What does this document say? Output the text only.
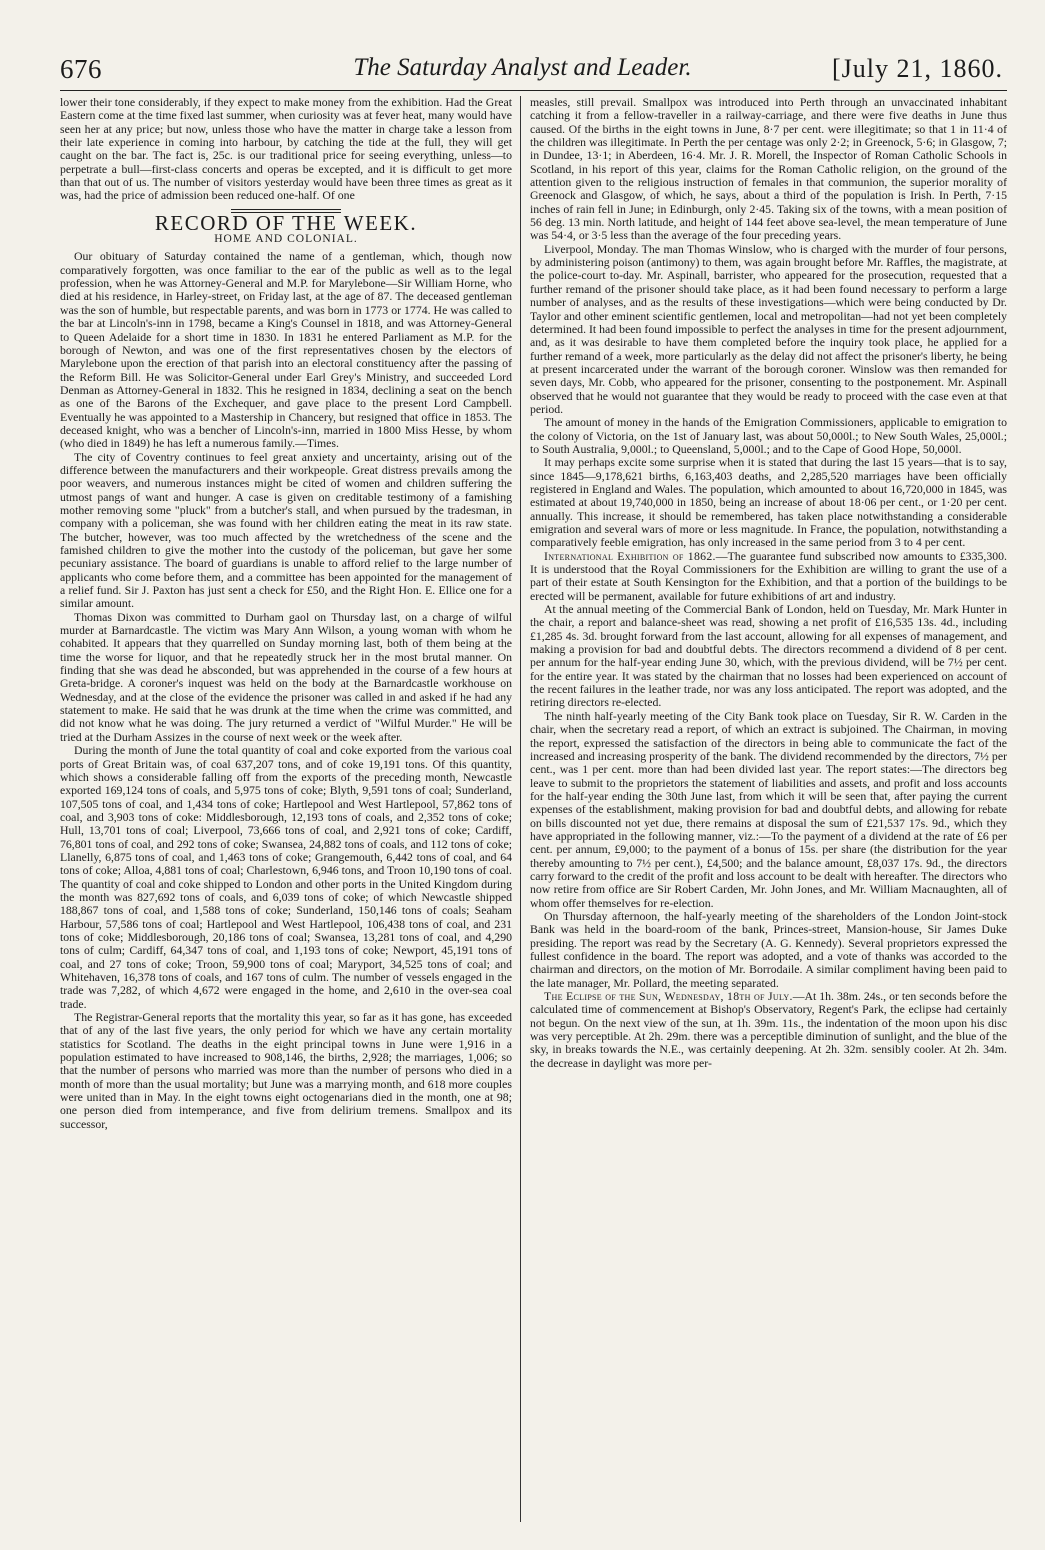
676	The Saturday Analyst and Leader.	[July 21, 1860.

lower their tone considerably, if they expect to make money from the exhibition. Had the Great Eastern come at the time fixed last summer, when curiosity was at fever heat, many would have seen her at any price; but now, unless those who have the matter in charge take a lesson from their late experience in coming into harbour, by catching the tide at the full, they will get caught on the bar. The fact is, 25c. is our traditional price for seeing everything, unless—to perpetrate a bull—first-class concerts and operas be excepted, and it is difficult to get more than that out of us. The number of visitors yesterday would have been three times as great as it was, had the price of admission been reduced one-half. Of one

RECORD OF THE WEEK.

HOME AND COLONIAL.

Our obituary of Saturday contained the name of a gentleman, which, though now comparatively forgotten, was once familiar to the ear of the public as well as to the legal profession, when he was Attorney-General and M.P. for Marylebone—Sir William Horne, who died at his residence, in Harley-street, on Friday last, at the age of 87. The deceased gentleman was the son of humble, but respectable parents, and was born in 1773 or 1774. He was called to the bar at Lincoln's-inn in 1798, became a King's Counsel in 1818, and was Attorney-General to Queen Adelaide for a short time in 1830. In 1831 he entered Parliament as M.P. for the borough of Newton, and was one of the first representatives chosen by the electors of Marylebone upon the erection of that parish into an electoral constituency after the passing of the Reform Bill. He was Solicitor-General under Earl Grey's Ministry, and succeeded Lord Denman as Attorney-General in 1832. This he resigned in 1834, declining a seat on the bench as one of the Barons of the Exchequer, and gave place to the present Lord Campbell. Eventually he was appointed to a Mastership in Chancery, but resigned that office in 1853. The deceased knight, who was a bencher of Lincoln's-inn, married in 1800 Miss Hesse, by whom (who died in 1849) he has left a numerous family.—Times.

The city of Coventry continues to feel great anxiety and uncertainty, arising out of the difference between the manufacturers and their workpeople. Great distress prevails among the poor weavers, and numerous instances might be cited of women and children suffering the utmost pangs of want and hunger. A case is given on creditable testimony of a famishing mother removing some "pluck" from a butcher's stall, and when pursued by the tradesman, in company with a policeman, she was found with her children eating the meat in its raw state. The butcher, however, was too much affected by the wretchedness of the scene and the famished children to give the mother into the custody of the policeman, but gave her some pecuniary assistance. The board of guardians is unable to afford relief to the large number of applicants who come before them, and a committee has been appointed for the management of a relief fund. Sir J. Paxton has just sent a check for £50, and the Right Hon. E. Ellice one for a similar amount.

Thomas Dixon was committed to Durham gaol on Thursday last, on a charge of wilful murder at Barnardcastle. The victim was Mary Ann Wilson, a young woman with whom he cohabited. It appears that they quarrelled on Sunday morning last, both of them being at the time the worse for liquor, and that he repeatedly struck her in the most brutal manner. On finding that she was dead he absconded, but was apprehended in the course of a few hours at Greta-bridge. A coroner's inquest was held on the body at the Barnardcastle workhouse on Wednesday, and at the close of the evidence the prisoner was called in and asked if he had any statement to make. He said that he was drunk at the time when the crime was committed, and did not know what he was doing. The jury returned a verdict of "Wilful Murder." He will be tried at the Durham Assizes in the course of next week or the week after.

During the month of June the total quantity of coal and coke exported from the various coal ports of Great Britain was, of coal 637,207 tons, and of coke 19,191 tons. Of this quantity, which shows a considerable falling off from the exports of the preceding month, Newcastle exported 169,124 tons of coals, and 5,975 tons of coke; Blyth, 9,591 tons of coal; Sunderland, 107,505 tons of coal, and 1,434 tons of coke; Hartlepool and West Hartlepool, 57,862 tons of coal, and 3,903 tons of coke: Middlesborough, 12,193 tons of coals, and 2,352 tons of coke; Hull, 13,701 tons of coal; Liverpool, 73,666 tons of coal, and 2,921 tons of coke; Cardiff, 76,801 tons of coal, and 292 tons of coke; Swansea, 24,882 tons of coals, and 112 tons of coke; Llanelly, 6,875 tons of coal, and 1,463 tons of coke; Grangemouth, 6,442 tons of coal, and 64 tons of coke; Alloa, 4,881 tons of coal; Charlestown, 6,946 tons, and Troon 10,190 tons of coal. The quantity of coal and coke shipped to London and other ports in the United Kingdom during the month was 827,692 tons of coals, and 6,039 tons of coke; of which Newcastle shipped 188,867 tons of coal, and 1,588 tons of coke; Sunderland, 150,146 tons of coals; Seaham Harbour, 57,586 tons of coal; Hartlepool and West Hartlepool, 106,438 tons of coal, and 231 tons of coke; Middlesborough, 20,186 tons of coal; Swansea, 13,281 tons of coal, and 4,290 tons of culm; Cardiff, 64,347 tons of coal, and 1,193 tons of coke; Newport, 45,191 tons of coal, and 27 tons of coke; Troon, 59,900 tons of coal; Maryport, 34,525 tons of coal; and Whitehaven, 16,378 tons of coals, and 167 tons of culm. The number of vessels engaged in the trade was 7,282, of which 4,672 were engaged in the home, and 2,610 in the over-sea coal trade.

The Registrar-General reports that the mortality this year, so far as it has gone, has exceeded that of any of the last five years, the only period for which we have any certain mortality statistics for Scotland. The deaths in the eight principal towns in June were 1,916 in a population estimated to have increased to 908,146, the births, 2,928; the marriages, 1,006; so that the number of persons who married was more than the number of persons who died in a month of more than the usual mortality; but June was a marrying month, and 618 more couples were united than in May. In the eight towns eight octogenarians died in the month, one at 98; one person died from intemperance, and five from delirium tremens. Smallpox and its successor,

measles, still prevail. Smallpox was introduced into Perth through an unvaccinated inhabitant catching it from a fellow-traveller in a railway-carriage, and there were five deaths in June thus caused. Of the births in the eight towns in June, 8·7 per cent. were illegitimate; so that 1 in 11·4 of the children was illegitimate. In Perth the per centage was only 2·2; in Greenock, 5·6; in Glasgow, 7; in Dundee, 13·1; in Aberdeen, 16·4. Mr. J. R. Morell, the Inspector of Roman Catholic Schools in Scotland, in his report of this year, claims for the Roman Catholic religion, on the ground of the attention given to the religious instruction of females in that communion, the superior morality of Greenock and Glasgow, of which, he says, about a third of the population is Irish. In Perth, 7·15 inches of rain fell in June; in Edinburgh, only 2·45. Taking six of the towns, with a mean position of 56 deg. 13 min. North latitude, and height of 144 feet above sea-level, the mean temperature of June was 54·4, or 3·5 less than the average of the four preceding years.

Liverpool, Monday. The man Thomas Winslow, who is charged with the murder of four persons, by administering poison (antimony) to them, was again brought before Mr. Raffles, the magistrate, at the police-court to-day. Mr. Aspinall, barrister, who appeared for the prosecution, requested that a further remand of the prisoner should take place, as it had been found necessary to perform a large number of analyses, and as the results of these investigations—which were being conducted by Dr. Taylor and other eminent scientific gentlemen, local and metropolitan—had not yet been completely determined. It had been found impossible to perfect the analyses in time for the present adjournment, and, as it was desirable to have them completed before the inquiry took place, he applied for a further remand of a week, more particularly as the delay did not affect the prisoner's liberty, he being at present incarcerated under the warrant of the borough coroner. Winslow was then remanded for seven days, Mr. Cobb, who appeared for the prisoner, consenting to the postponement. Mr. Aspinall observed that he would not guarantee that they would be ready to proceed with the case even at that period.

The amount of money in the hands of the Emigration Commissioners, applicable to emigration to the colony of Victoria, on the 1st of January last, was about 50,000l.; to New South Wales, 25,000l.; to South Australia, 9,000l.; to Queensland, 5,000l.; and to the Cape of Good Hope, 50,000l.

It may perhaps excite some surprise when it is stated that during the last 15 years—that is to say, since 1845—9,178,621 births, 6,163,403 deaths, and 2,285,520 marriages have been officially registered in England and Wales. The population, which amounted to about 16,720,000 in 1845, was estimated at about 19,740,000 in 1850, being an increase of about 18·06 per cent., or 1·20 per cent. annually. This increase, it should be remembered, has taken place notwithstanding a considerable emigration and several wars of more or less magnitude. In France, the population, notwithstanding a comparatively feeble emigration, has only increased in the same period from 3 to 4 per cent.

International Exhibition of 1862.—The guarantee fund subscribed now amounts to £335,300. It is understood that the Royal Commissioners for the Exhibition are willing to grant the use of a part of their estate at South Kensington for the Exhibition, and that a portion of the buildings to be erected will be permanent, available for future exhibitions of art and industry.

At the annual meeting of the Commercial Bank of London, held on Tuesday, Mr. Mark Hunter in the chair, a report and balance-sheet was read, showing a net profit of £16,535 13s. 4d., including £1,285 4s. 3d. brought forward from the last account, allowing for all expenses of management, and making a provision for bad and doubtful debts. The directors recommend a dividend of 8 per cent. per annum for the half-year ending June 30, which, with the previous dividend, will be 7½ per cent. for the entire year. It was stated by the chairman that no losses had been experienced on account of the recent failures in the leather trade, nor was any loss anticipated. The report was adopted, and the retiring directors re-elected.

The ninth half-yearly meeting of the City Bank took place on Tuesday, Sir R. W. Carden in the chair, when the secretary read a report, of which an extract is subjoined. The Chairman, in moving the report, expressed the satisfaction of the directors in being able to communicate the fact of the increased and increasing prosperity of the bank. The dividend recommended by the directors, 7½ per cent., was 1 per cent. more than had been divided last year. The report states:—The directors beg leave to submit to the proprietors the statement of liabilities and assets, and profit and loss accounts for the half-year ending the 30th June last, from which it will be seen that, after paying the current expenses of the establishment, making provision for bad and doubtful debts, and allowing for rebate on bills discounted not yet due, there remains at disposal the sum of £21,537 17s. 9d., which they have appropriated in the following manner, viz.:—To the payment of a dividend at the rate of £6 per cent. per annum, £9,000; to the payment of a bonus of 15s. per share (the distribution for the year thereby amounting to 7½ per cent.), £4,500; and the balance amount, £8,037 17s. 9d., the directors carry forward to the credit of the profit and loss account to be dealt with hereafter. The directors who now retire from office are Sir Robert Carden, Mr. John Jones, and Mr. William Macnaughten, all of whom offer themselves for re-election.

On Thursday afternoon, the half-yearly meeting of the shareholders of the London Joint-stock Bank was held in the board-room of the bank, Princes-street, Mansion-house, Sir James Duke presiding. The report was read by the Secretary (A. G. Kennedy). Several proprietors expressed the fullest confidence in the board. The report was adopted, and a vote of thanks was accorded to the chairman and directors, on the motion of Mr. Borrodaile. A similar compliment having been paid to the late manager, Mr. Pollard, the meeting separated.

The Eclipse of the Sun, Wednesday, 18th of July.—At 1h. 38m. 24s., or ten seconds before the calculated time of commencement at Bishop's Observatory, Regent's Park, the eclipse had certainly not begun. On the next view of the sun, at 1h. 39m. 11s., the indentation of the moon upon his disc was very perceptible. At 2h. 29m. there was a perceptible diminution of sunlight, and the blue of the sky, in breaks towards the N.E., was certainly deepening. At 2h. 32m. sensibly cooler. At 2h. 34m. the decrease in daylight was more per-
